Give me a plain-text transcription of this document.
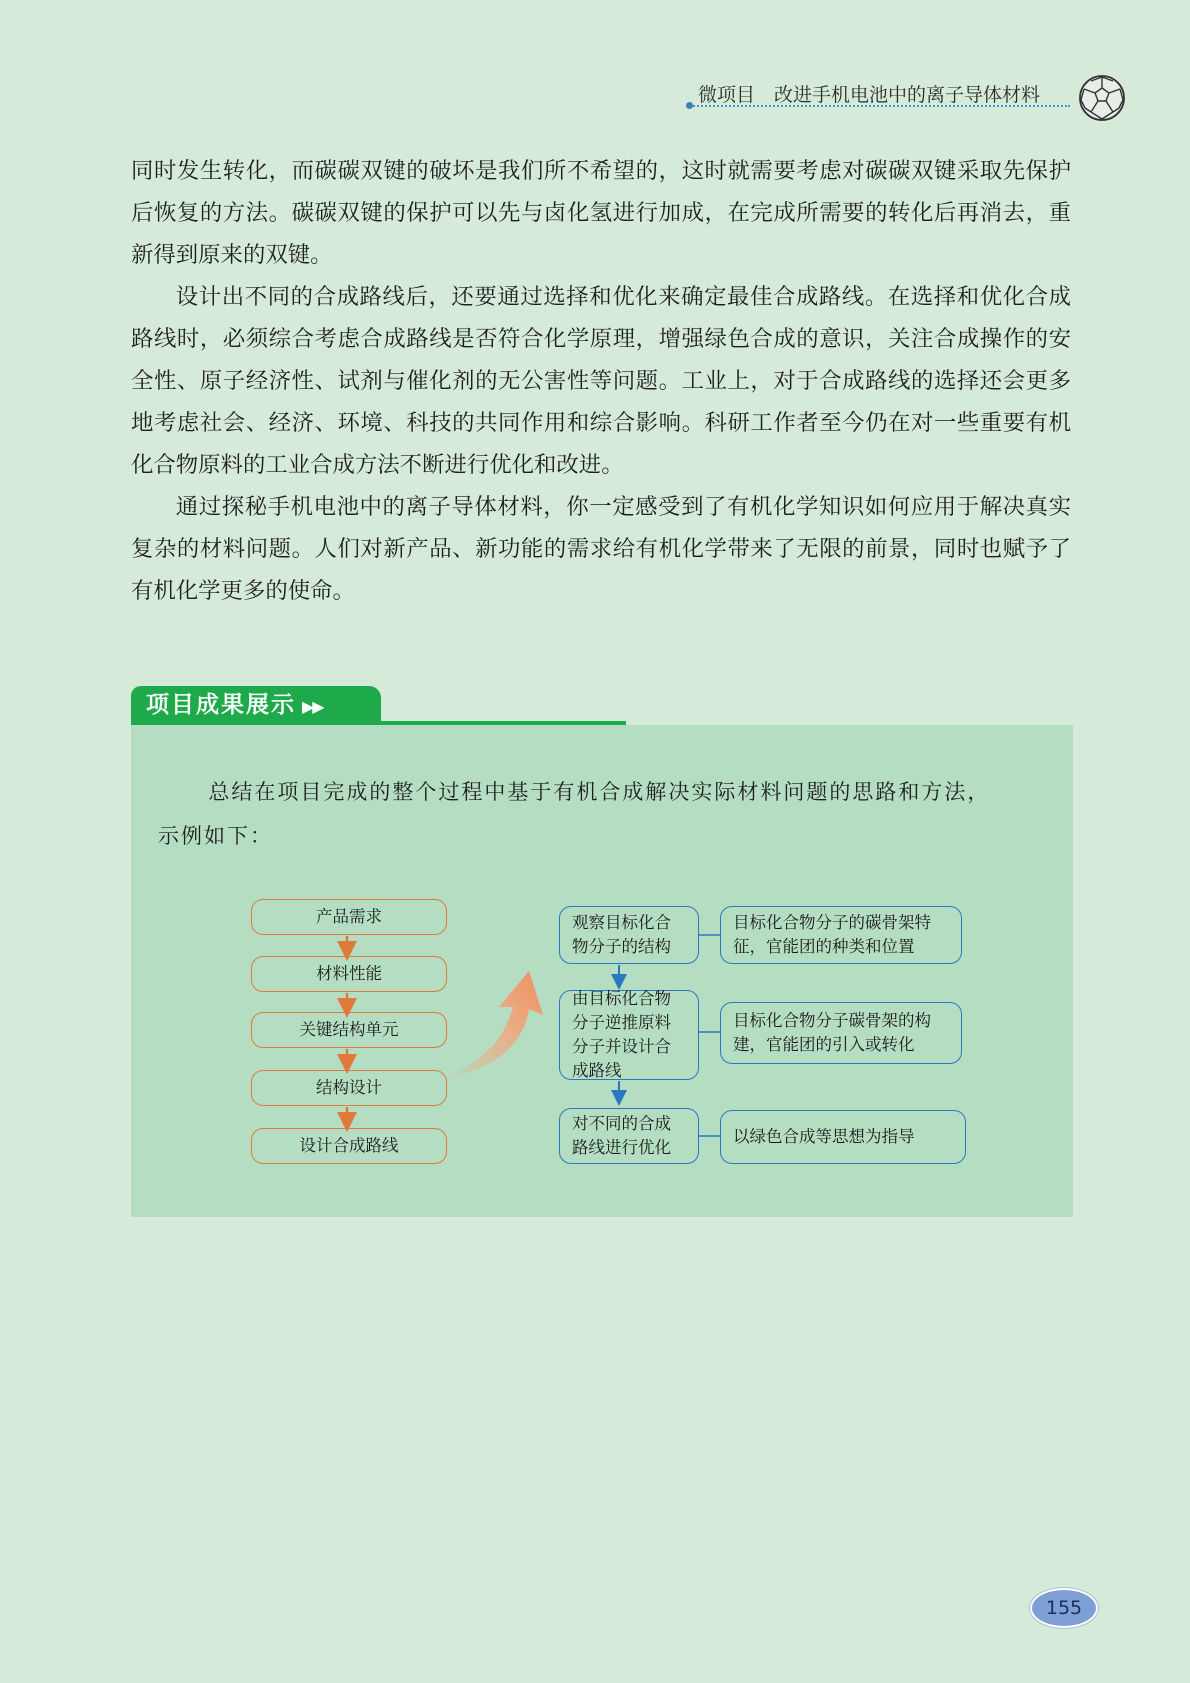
微项目　改进手机电池中的离子导体材料

同时发生转化，而碳碳双键的破坏是我们所不希望的，这时就需要考虑对碳碳双键采取先保护后恢复的方法。碳碳双键的保护可以先与卤化氢进行加成，在完成所需要的转化后再消去，重新得到原来的双键。

设计出不同的合成路线后，还要通过选择和优化来确定最佳合成路线。在选择和优化合成路线时，必须综合考虑合成路线是否符合化学原理，增强绿色合成的意识，关注合成操作的安全性、原子经济性、试剂与催化剂的无公害性等问题。工业上，对于合成路线的选择还会更多地考虑社会、经济、环境、科技的共同作用和综合影响。科研工作者至今仍在对一些重要有机化合物原料的工业合成方法不断进行优化和改进。

通过探秘手机电池中的离子导体材料，你一定感受到了有机化学知识如何应用于解决真实复杂的材料问题。人们对新产品、新功能的需求给有机化学带来了无限的前景，同时也赋予了有机化学更多的使命。

项目成果展示 ▶▶
总结在项目完成的整个过程中基于有机合成解决实际材料问题的思路和方法，
示例如下：
产品需求
材料性能
关键结构单元
结构设计
设计合成路线
观察目标化合物分子的结构
由目标化合物分子逆推原料分子并设计合成路线
对不同的合成路线进行优化
目标化合物分子的碳骨架特征，官能团的种类和位置
目标化合物分子碳骨架的构建，官能团的引入或转化
以绿色合成等思想为指导
155
